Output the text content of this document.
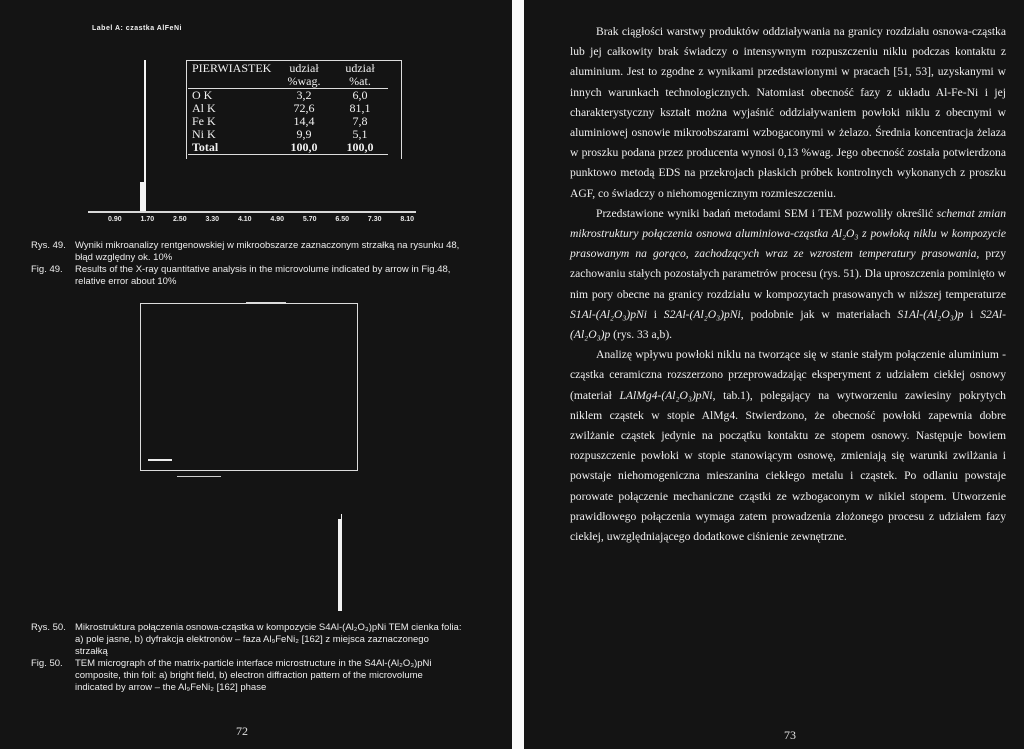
Label A: czastka AlFeNi
0.90	1.70	2.50	3.30	4.10	4.90	5.70	6.50	7.30	8.10
PIERWIASTEK	udział	udział
	%wag.	%at.
O K	3,2	6,0
Al K	72,6	81,1
Fe K	14,4	7,8
Ni K	9,9	5,1
Total	100,0	100,0
Rys. 49. Wyniki mikroanalizy rentgenowskiej w mikroobszarze zaznaczonym strzałką na rysunku 48,
błąd względny ok. 10%
Fig. 49. Results of the X-ray quantitative analysis in the microvolume indicated by arrow in Fig.48,
relative error about 10%
Rys. 50. Mikrostruktura połączenia osnowa-cząstka w kompozycie S4Al-(Al₂O₃)pNi TEM cienka folia:
a) pole jasne, b) dyfrakcja elektronów – faza Al₉FeNi₂ [162] z miejsca zaznaczonego
strzałką
Fig. 50. TEM micrograph of the matrix-particle interface microstructure in the S4Al-(Al₂O₃)pNi
composite, thin foil: a) bright field, b) electron diffraction pattern of the microvolume
indicated by arrow – the Al₉FeNi₂ [162] phase
72

Brak ciągłości warstwy produktów oddziaływania na granicy rozdziału osnowa-cząstka lub jej całkowity brak świadczy o intensywnym rozpuszczeniu niklu podczas kontaktu z aluminium. Jest to zgodne z wynikami przedstawionymi w pracach [51, 53], uzyskanymi w innych warunkach technologicznych. Natomiast obecność fazy z układu Al-Fe-Ni i jej charakterystyczny kształt można wyjaśnić oddziaływaniem powłoki niklu z obecnymi w aluminiowej osnowie mikroobszarami wzbogaconymi w żelazo. Średnia koncentracja żelaza w proszku podana przez producenta wynosi 0,13 %wag. Jego obecność została potwierdzona punktowo metodą EDS na przekrojach płaskich próbek kontrolnych wykonanych z proszku AGF, co świadczy o niehomogenicznym rozmieszczeniu.

Przedstawione wyniki badań metodami SEM i TEM pozwoliły określić schemat zmian mikrostruktury połączenia osnowa aluminiowa-cząstka Al₂O₃ z powłoką niklu w kompozycie prasowanym na gorąco, zachodzących wraz ze wzrostem temperatury prasowania, przy zachowaniu stałych pozostałych parametrów procesu (rys. 51). Dla uproszczenia pominięto w nim pory obecne na granicy rozdziału w kompozytach prasowanych w niższej temperaturze S1Al-(Al₂O₃)pNi i S2Al-(Al₂O₃)pNi, podobnie jak w materiałach S1Al-(Al₂O₃)p i S2Al-(Al₂O₃)p (rys. 33 a,b).

Analizę wpływu powłoki niklu na tworzące się w stanie stałym połączenie aluminium - cząstka ceramiczna rozszerzono przeprowadzając eksperyment z udziałem ciekłej osnowy (materiał LAlMg4-(Al₂O₃)pNi, tab.1), polegający na wytworzeniu zawiesiny pokrytych niklem cząstek w stopie AlMg4. Stwierdzono, że obecność powłoki zapewnia dobre zwilżanie cząstek jedynie na początku kontaktu ze stopem osnowy. Następuje bowiem rozpuszczenie powłoki w stopie stanowiącym osnowę, zmieniają się warunki zwilżania i powstaje niehomogeniczna mieszanina ciekłego metalu i cząstek. Po odlaniu powstaje porowate połączenie mechaniczne cząstki ze wzbogaconym w nikiel stopem. Utworzenie prawidłowego połączenia wymaga zatem prowadzenia złożonego procesu z udziałem fazy ciekłej, uwzględniającego dodatkowe ciśnienie zewnętrzne.

73
